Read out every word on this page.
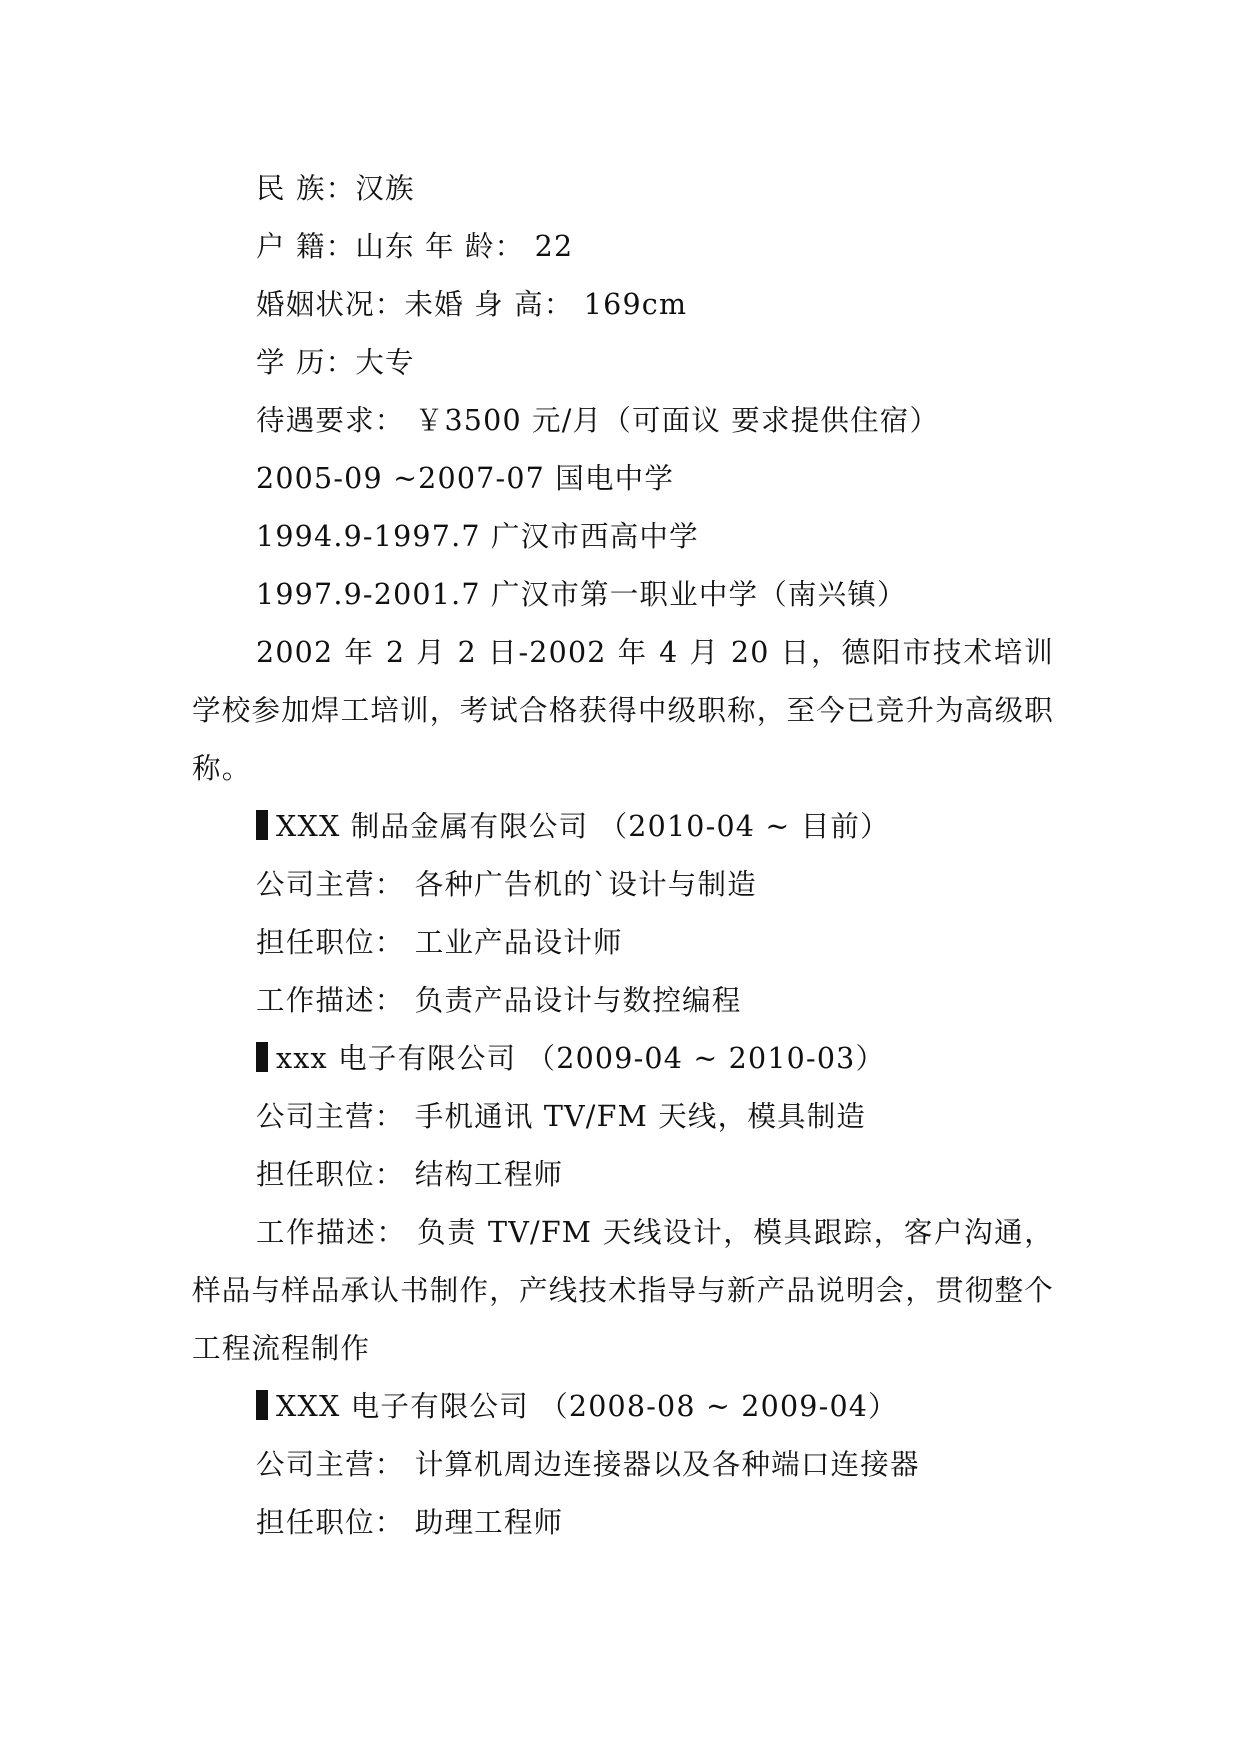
民 族：汉族
户 籍：山东 年 龄： 22
婚姻状况：未婚 身 高： 169cm
学 历：大专
待遇要求： ￥3500 元/月（可面议 要求提供住宿）
2005-09 ~2007-07 国电中学
1994.9-1997.7 广汉市西高中学
1997.9-2001.7 广汉市第一职业中学（南兴镇）

2002 年 2 月 2 日-2002 年 4 月 20 日，德阳市技术培训学校参加焊工培训，考试合格获得中级职称，至今已竞升为高级职称。

XXX 制品金属有限公司 （2010-04 ~ 目前）
公司主营： 各种广告机的`设计与制造
担任职位： 工业产品设计师
工作描述： 负责产品设计与数控编程
xxx 电子有限公司 （2009-04 ~ 2010-03）
公司主营： 手机通讯 TV/FM 天线，模具制造
担任职位： 结构工程师

工作描述： 负责 TV/FM 天线设计，模具跟踪，客户沟通，样品与样品承认书制作，产线技术指导与新产品说明会，贯彻整个工程流程制作

XXX 电子有限公司 （2008-08 ~ 2009-04）
公司主营： 计算机周边连接器以及各种端口连接器
担任职位： 助理工程师
